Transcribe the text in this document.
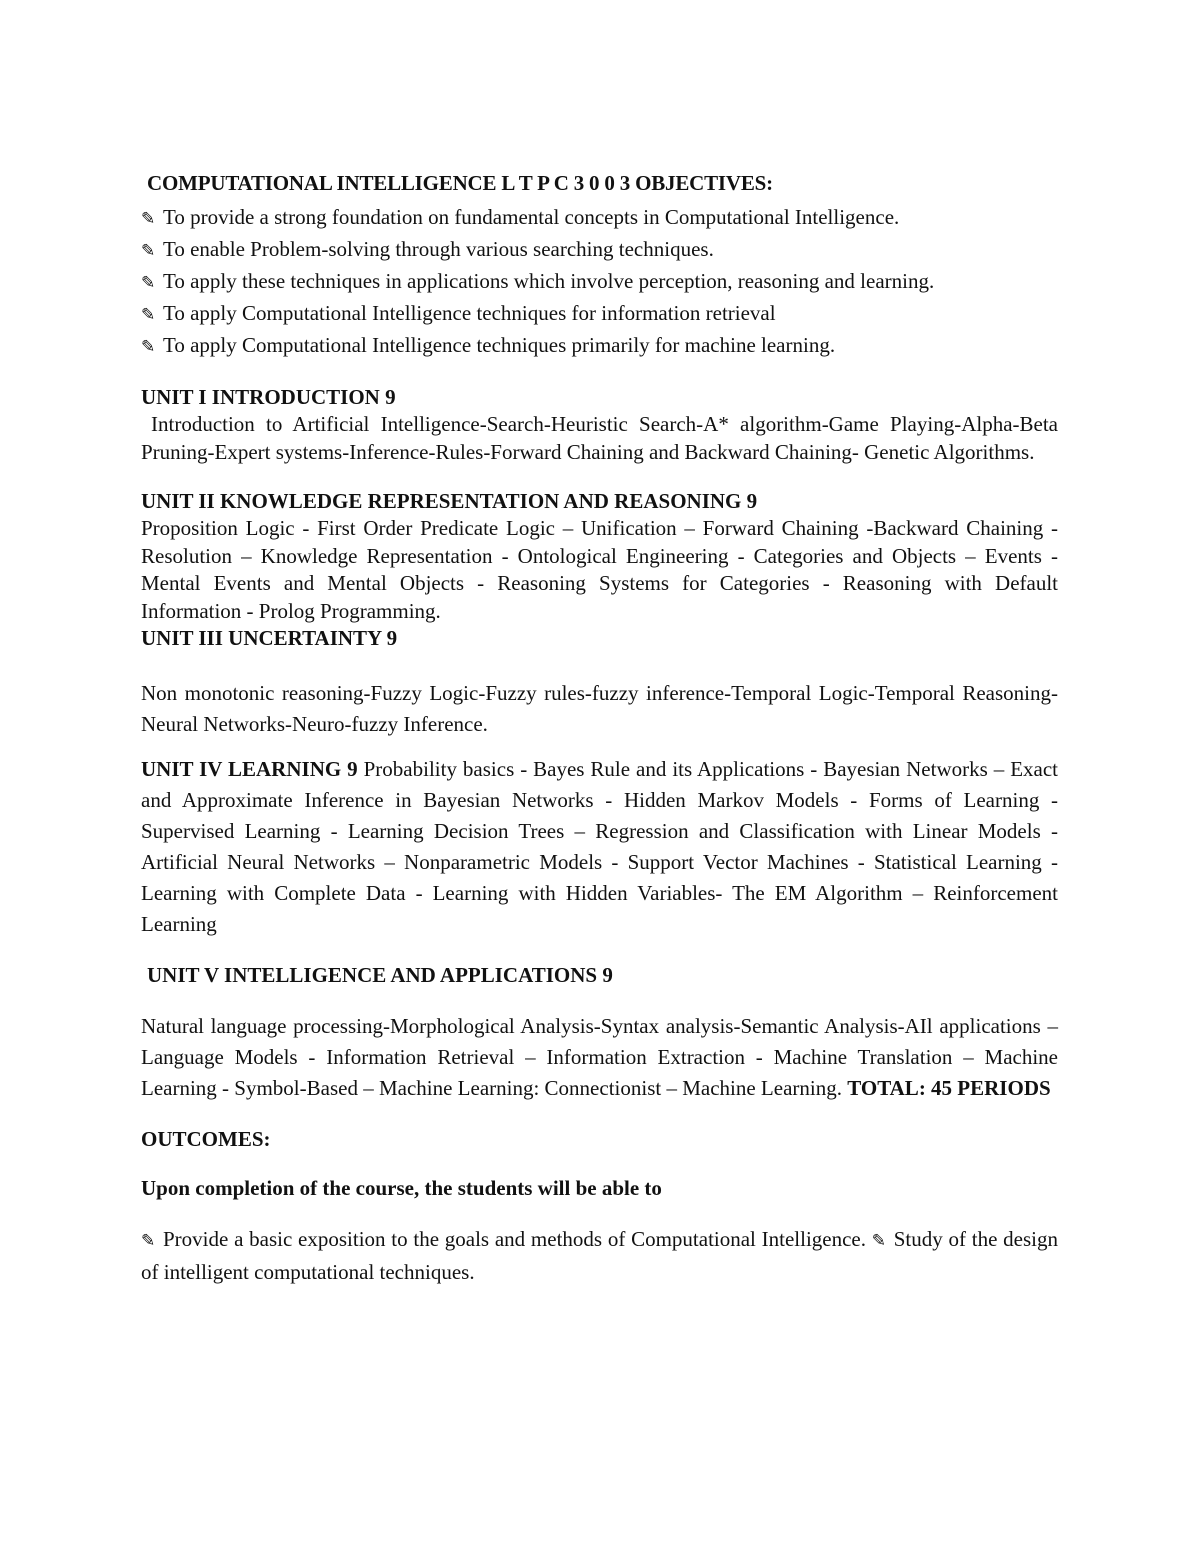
COMPUTATIONAL INTELLIGENCE L T P C 3 0 0 3 OBJECTIVES:

✎ To provide a strong foundation on fundamental concepts in Computational Intelligence.

✎ To enable Problem-solving through various searching techniques.

✎ To apply these techniques in applications which involve perception, reasoning and learning.

✎ To apply Computational Intelligence techniques for information retrieval

✎ To apply Computational Intelligence techniques primarily for machine learning.

UNIT I INTRODUCTION 9

Introduction to Artificial Intelligence-Search-Heuristic Search-A* algorithm-Game Playing-Alpha-Beta Pruning-Expert systems-Inference-Rules-Forward Chaining and Backward Chaining- Genetic Algorithms.

UNIT II KNOWLEDGE REPRESENTATION AND REASONING 9

Proposition Logic - First Order Predicate Logic – Unification – Forward Chaining -Backward Chaining - Resolution – Knowledge Representation - Ontological Engineering - Categories and Objects – Events - Mental Events and Mental Objects - Reasoning Systems for Categories - Reasoning with Default Information - Prolog Programming.

UNIT III UNCERTAINTY 9

Non monotonic reasoning-Fuzzy Logic-Fuzzy rules-fuzzy inference-Temporal Logic-Temporal Reasoning-Neural Networks-Neuro-fuzzy Inference.

UNIT IV LEARNING 9 Probability basics - Bayes Rule and its Applications - Bayesian Networks – Exact and Approximate Inference in Bayesian Networks - Hidden Markov Models - Forms of Learning - Supervised Learning - Learning Decision Trees – Regression and Classification with Linear Models - Artificial Neural Networks – Nonparametric Models - Support Vector Machines - Statistical Learning - Learning with Complete Data - Learning with Hidden Variables- The EM Algorithm – Reinforcement Learning

UNIT V INTELLIGENCE AND APPLICATIONS 9

Natural language processing-Morphological Analysis-Syntax analysis-Semantic Analysis-AIl applications – Language Models - Information Retrieval – Information Extraction - Machine Translation – Machine Learning - Symbol-Based – Machine Learning: Connectionist – Machine Learning. TOTAL: 45 PERIODS

OUTCOMES:
Upon completion of the course, the students will be able to

✎ Provide a basic exposition to the goals and methods of Computational Intelligence. ✎ Study of the design of intelligent computational techniques.
